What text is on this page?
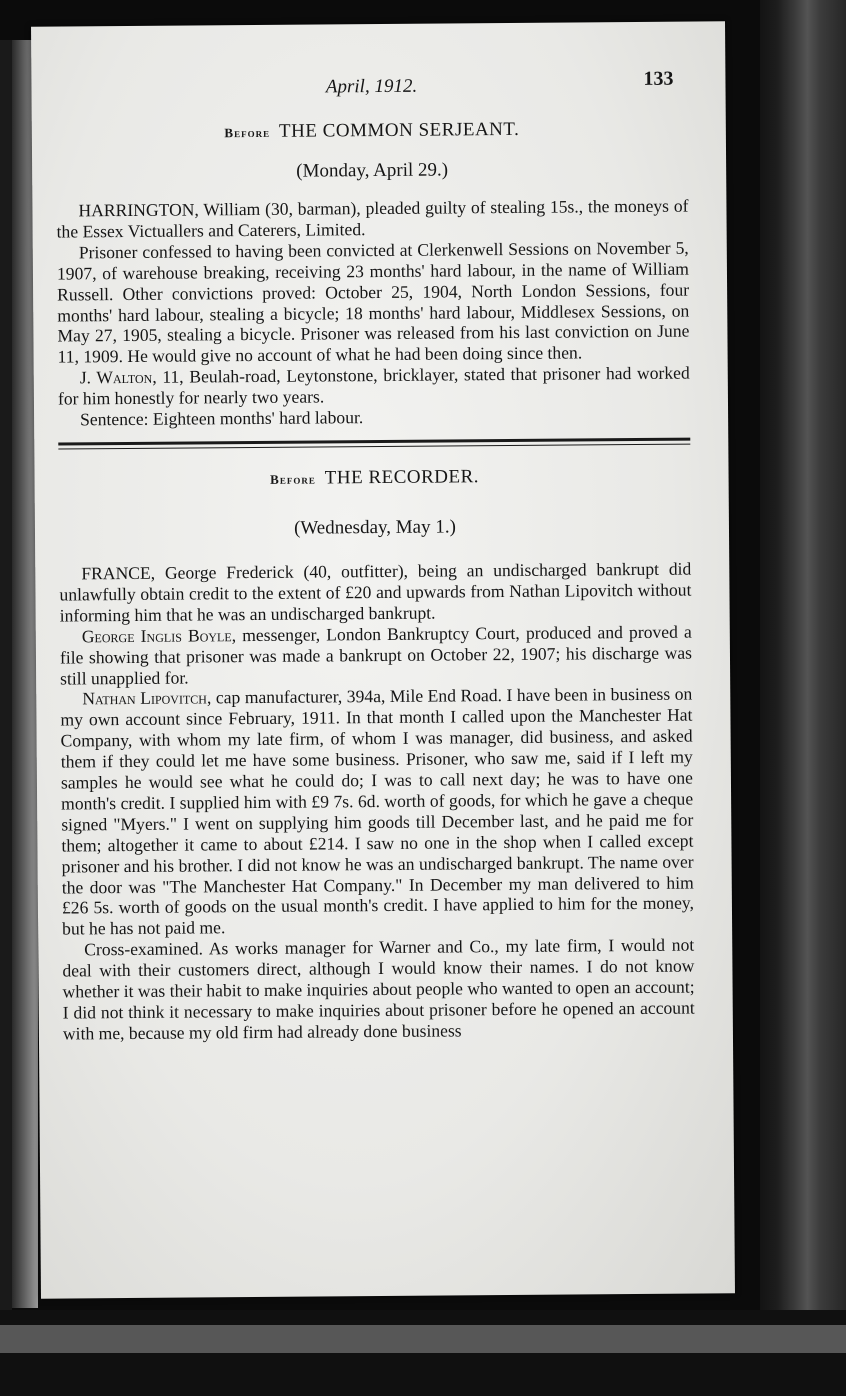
April, 1912.	133
Before THE COMMON SERJEANT.
(Monday, April 29.)

HARRINGTON, William (30, barman), pleaded guilty of stealing 15s., the moneys of the Essex Victuallers and Caterers, Limited.

Prisoner confessed to having been convicted at Clerkenwell Sessions on November 5, 1907, of warehouse breaking, receiving 23 months' hard labour, in the name of William Russell. Other convictions proved: October 25, 1904, North London Sessions, four months' hard labour, stealing a bicycle; 18 months' hard labour, Middlesex Sessions, on May 27, 1905, stealing a bicycle. Prisoner was released from his last conviction on June 11, 1909. He would give no account of what he had been doing since then.

J. Walton, 11, Beulah-road, Leytonstone, bricklayer, stated that prisoner had worked for him honestly for nearly two years.

Sentence: Eighteen months' hard labour.

Before THE RECORDER.
(Wednesday, May 1.)

FRANCE, George Frederick (40, outfitter), being an undischarged bankrupt did unlawfully obtain credit to the extent of £20 and upwards from Nathan Lipovitch without informing him that he was an undischarged bankrupt.

George Inglis Boyle, messenger, London Bankruptcy Court, produced and proved a file showing that prisoner was made a bankrupt on October 22, 1907; his discharge was still unapplied for.

Nathan Lipovitch, cap manufacturer, 394a, Mile End Road. I have been in business on my own account since February, 1911. In that month I called upon the Manchester Hat Company, with whom my late firm, of whom I was manager, did business, and asked them if they could let me have some business. Prisoner, who saw me, said if I left my samples he would see what he could do; I was to call next day; he was to have one month's credit. I supplied him with £9 7s. 6d. worth of goods, for which he gave a cheque signed "Myers." I went on supplying him goods till December last, and he paid me for them; altogether it came to about £214. I saw no one in the shop when I called except prisoner and his brother. I did not know he was an undischarged bankrupt. The name over the door was "The Manchester Hat Company." In December my man delivered to him £26 5s. worth of goods on the usual month's credit. I have applied to him for the money, but he has not paid me.

Cross-examined. As works manager for Warner and Co., my late firm, I would not deal with their customers direct, although I would know their names. I do not know whether it was their habit to make inquiries about people who wanted to open an account; I did not think it necessary to make inquiries about prisoner before he opened an account with me, because my old firm had already done business
